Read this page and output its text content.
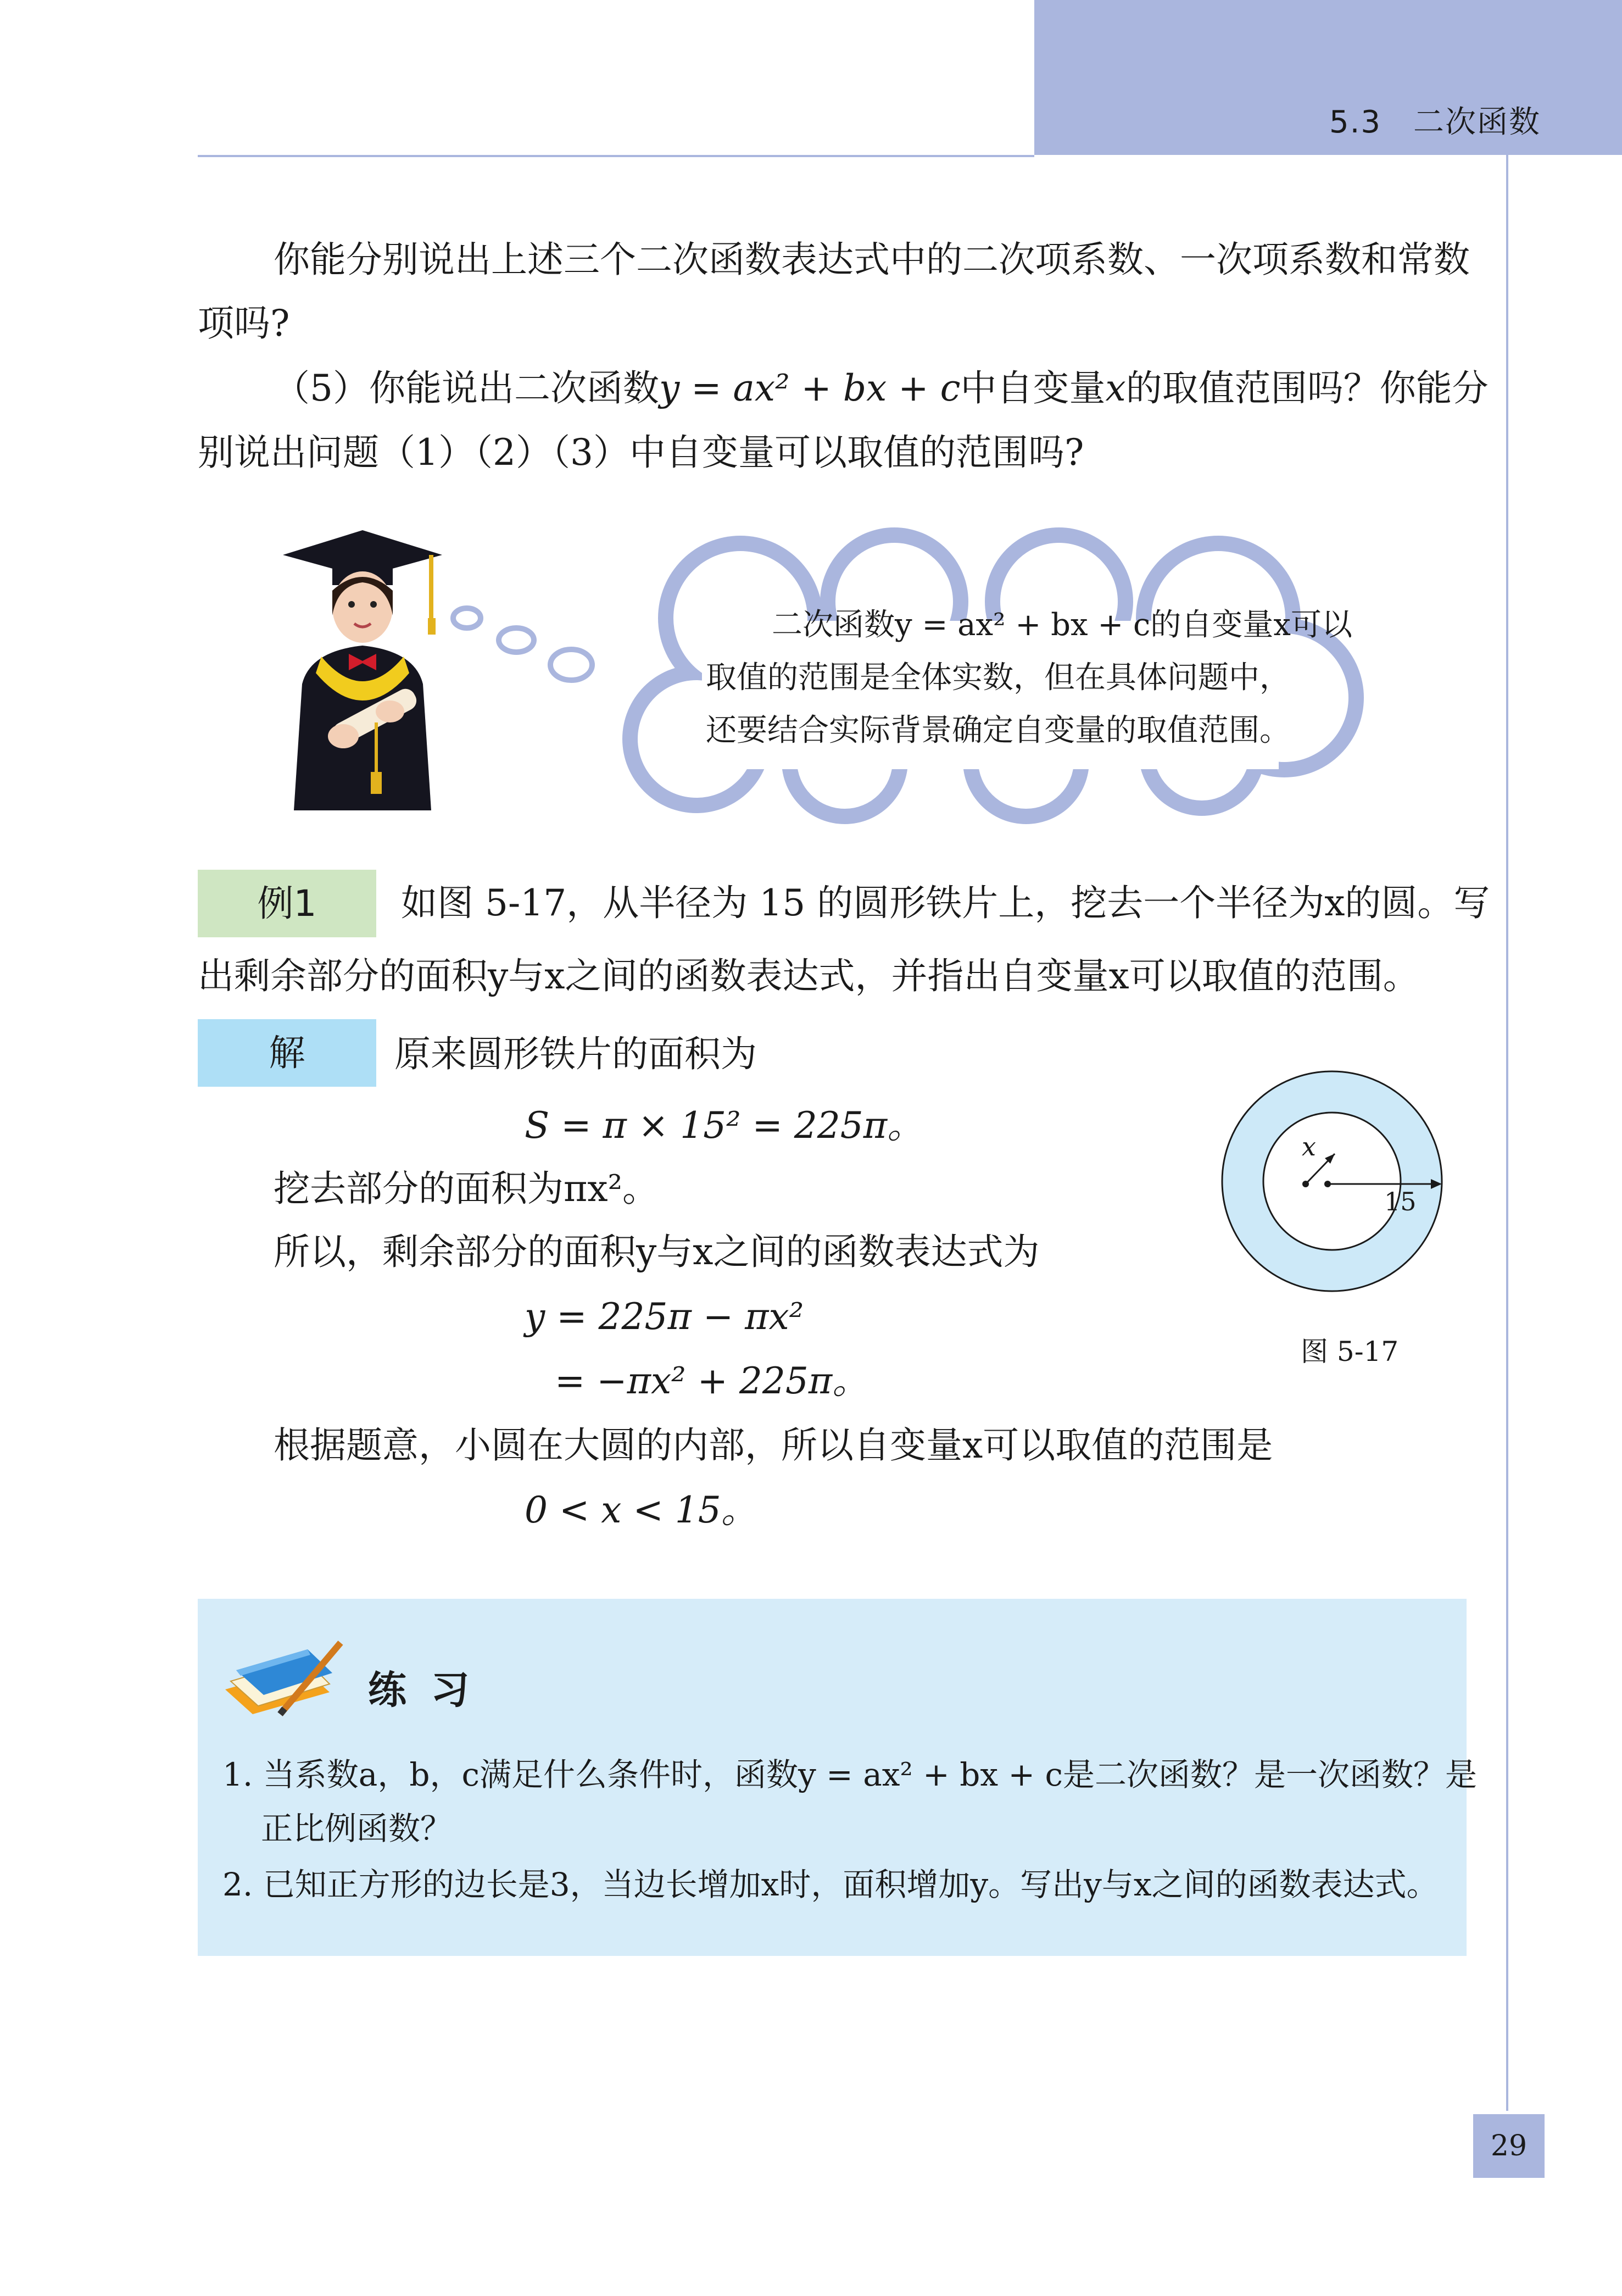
5.3　二次函数
你能分别说出上述三个二次函数表达式中的二次项系数、一次项系数和常数
项吗?
（5）你能说出二次函数y = ax² + bx + c中自变量x的取值范围吗？你能分
别说出问题（1）（2）（3）中自变量可以取值的范围吗?
二次函数y = ax² + bx + c的自变量x可以
取值的范围是全体实数，但在具体问题中，
还要结合实际背景确定自变量的取值范围。
例1	如图 5-17，从半径为 15 的圆形铁片上，挖去一个半径为x的圆。写
出剩余部分的面积y与x之间的函数表达式，并指出自变量x可以取值的范围。
解	原来圆形铁片的面积为
S = π × 15² = 225π。
挖去部分的面积为πx²。
所以，剩余部分的面积y与x之间的函数表达式为
y = 225π − πx²
= −πx² + 225π。
根据题意，小圆在大圆的内部，所以自变量x可以取值的范围是
0 < x < 15。
x
15
图 5-17
练 习
1. 当系数a，b，c满足什么条件时，函数y = ax² + bx + c是二次函数？是一次函数？是
正比例函数？
2. 已知正方形的边长是3，当边长增加x时，面积增加y。写出y与x之间的函数表达式。
29
